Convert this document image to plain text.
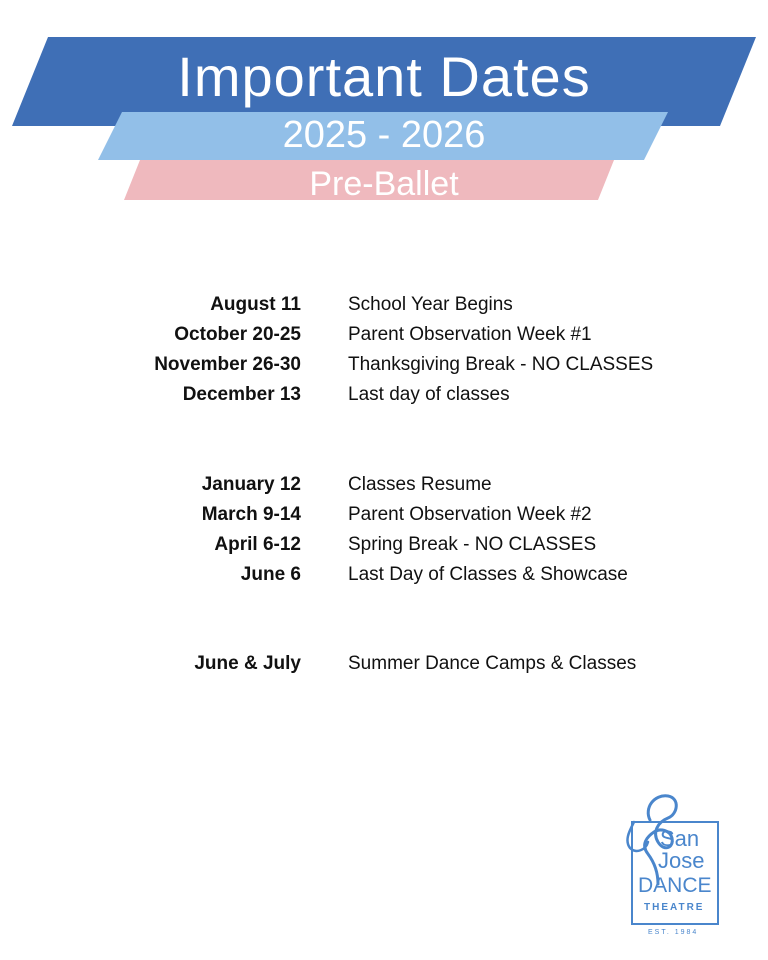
Important Dates
2025 - 2026
Pre-Ballet
August 11 School Year Begins
October 20-25 Parent Observation Week #1
November 26-30 Thanksgiving Break - NO CLASSES
December 13 Last day of classes
January 12 Classes Resume
March 9-14 Parent Observation Week #2
April 6-12 Spring Break - NO CLASSES
June 6 Last Day of Classes & Showcase
June & July Summer Dance Camps & Classes
San
Jose
DANCE
THEATRE
EST. 1984
